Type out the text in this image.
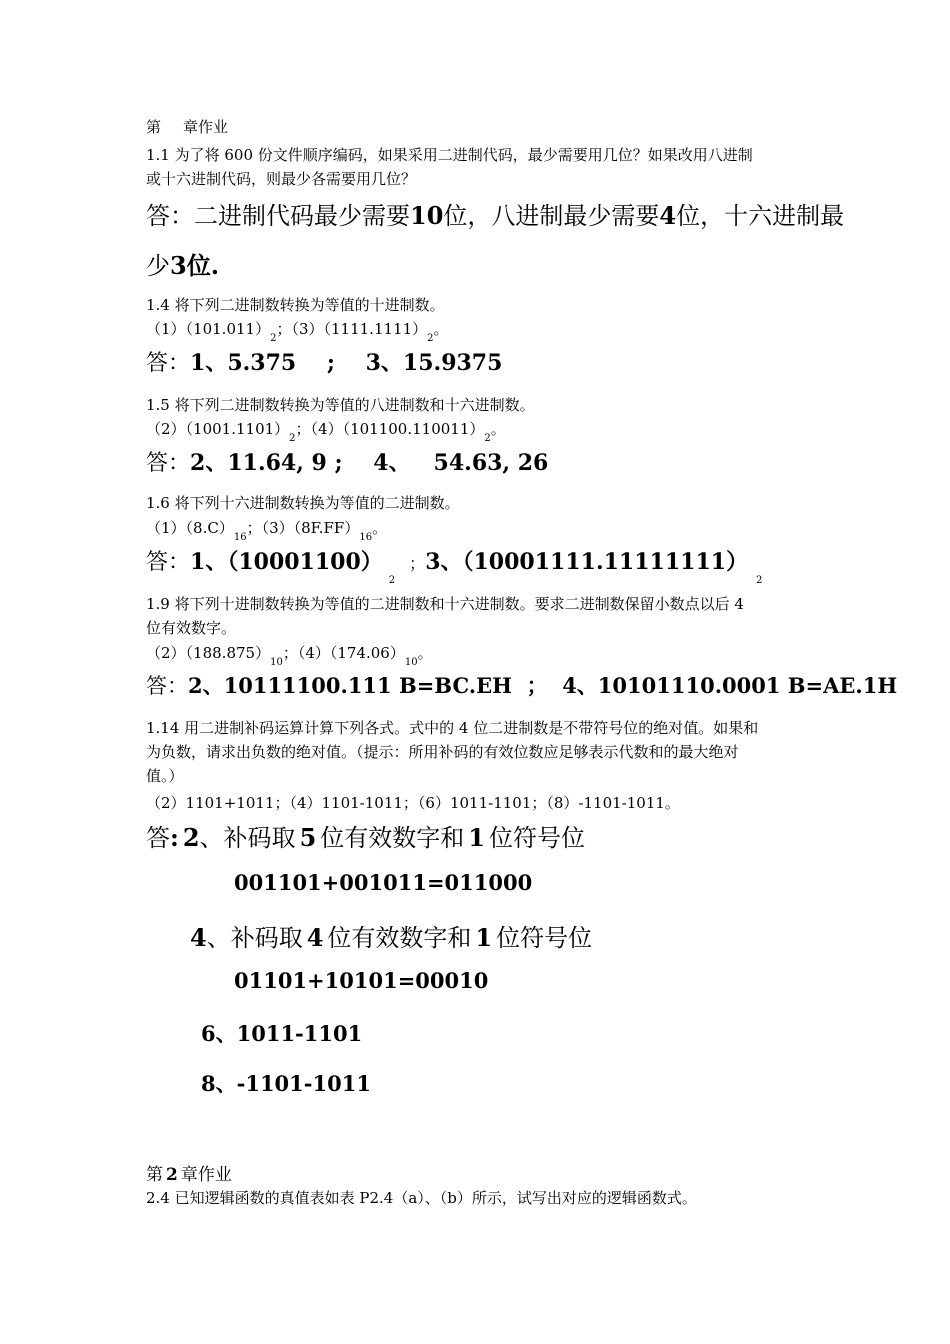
第 章作业
1.1 为了将 600 份文件顺序编码，如果采用二进制代码，最少需要用几位？如果改用八进制
或十六进制代码，则最少各需要用几位？
答：二进制代码最少需要10位，八进制最少需要4位，十六进制最
少3位.
1.4 将下列二进制数转换为等值的十进制数。
$(1)(101.011)_2$；$(3)(1111.1111)_2$。
答：1、5.375    ;    3、15.9375
1.5 将下列二进制数转换为等值的八进制数和十六进制数。
$(2)(1001.1101)_2$；$(4)(101100.110011)_2$。
答：2、11.64, 9 ;    4、   54.63, 26
1.6 将下列十六进制数转换为等值的二进制数。
$(1)(8.C)_{16}$；$(3)(8F.FF)_{16}$。
答：1、$(10001100)_2$；3、$(10001111.11111111)_2$
1.9 将下列十进制数转换为等值的二进制数和十六进制数。要求二进制数保留小数点以后 4
位有效数字。
$(2)(188.875)_{10}$；$(4)(174.06)_{10}$。
答：2、10111100.111 B=BC.EH  ；  4、10101110.0001 B=AE.1H
1.14 用二进制补码运算计算下列各式。式中的 4 位二进制数是不带符号位的绝对值。如果和
为负数，请求出负数的绝对值。（提示：所用补码的有效位数应足够表示代数和的最大绝对
值。）
（2）1101+1011；（4）1101-1011；（6）1011-1101；（8）-1101-1011。
答: 2、补码取 5 位有效数字和 1 位符号位
001101+001011=011000
4、补码取 4 位有效数字和 1 位符号位
01101+10101=00010
6、1011-1101
8、-1101-1011
第 2 章作业
2.4 已知逻辑函数的真值表如表 P2.4（a）、（b）所示，试写出对应的逻辑函数式。
